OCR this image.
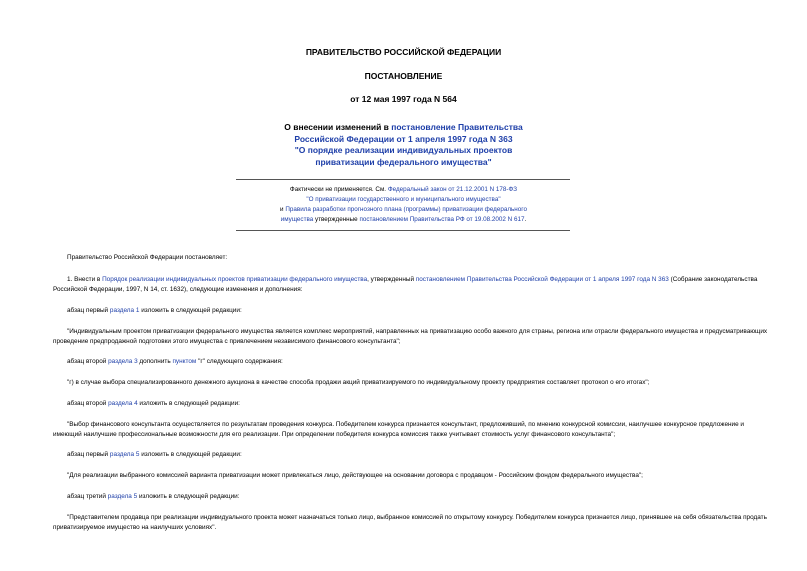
ПРАВИТЕЛЬСТВО РОССИЙСКОЙ ФЕДЕРАЦИИ
ПОСТАНОВЛЕНИЕ
от 12 мая 1997 года N 564
О внесении изменений в постановление Правительства
Российской Федерации от 1 апреля 1997 года N 363
"О порядке реализации индивидуальных проектов
приватизации федерального имущества"
Фактически не применяется. См. Федеральный закон от 21.12.2001 N 178-ФЗ
"О приватизации государственного и муниципального имущества"
и Правила разработки прогнозного плана (программы) приватизации федерального
имущества утвержденные постановлением Правительства РФ от 19.08.2002 N 617.
Правительство Российской Федерации постановляет:
1. Внести в Порядок реализации индивидуальных проектов приватизации федерального имущества, утвержденный постановлением Правительства Российской Федерации от 1 апреля 1997 года N 363 (Собрание законодательства Российской Федерации, 1997, N 14, ст. 1632), следующие изменения и дополнения:
абзац первый раздела 1 изложить в следующей редакции:
"Индивидуальным проектом приватизации федерального имущества является комплекс мероприятий, направленных на приватизацию особо важного для страны, региона или отрасли федерального имущества и предусматривающих проведение предпродажной подготовки этого имущества с привлечением независимого финансового консультанта";
абзац второй раздела 3 дополнить пунктом "г" следующего содержания:
"г) в случае выбора специализированного денежного аукциона в качестве способа продажи акций приватизируемого по индивидуальному проекту предприятия составляет протокол о его итогах";
абзац второй раздела 4 изложить в следующей редакции:
"Выбор финансового консультанта осуществляется по результатам проведения конкурса. Победителем конкурса признается консультант, предложивший, по мнению конкурсной комиссии, наилучшее конкурсное предложение и имеющий наилучшие профессиональные возможности для его реализации. При определении победителя конкурса комиссия также учитывает стоимость услуг финансового консультанта";
абзац первый раздела 5 изложить в следующей редакции:
"Для реализации выбранного комиссией варианта приватизации может привлекаться лицо, действующее на основании договора с продавцом - Российским фондом федерального имущества";
абзац третий раздела 5 изложить в следующей редакции:
"Представителем продавца при реализации индивидуального проекта может назначаться только лицо, выбранное комиссией по открытому конкурсу. Победителем конкурса признается лицо, принявшее на себя обязательства продать приватизируемое имущество на наилучших условиях".
